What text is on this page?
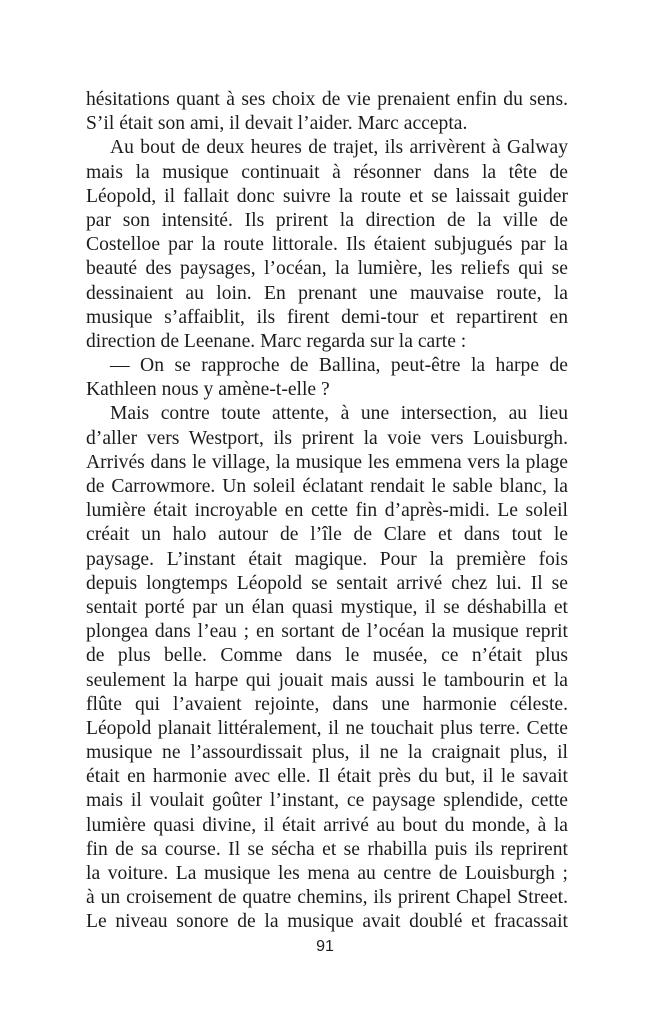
hésitations quant à ses choix de vie prenaient enfin du sens.
S’il était son ami, il devait l’aider. Marc accepta.
Au bout de deux heures de trajet, ils arrivèrent à Galway
mais la musique continuait à résonner dans la tête de
Léopold, il fallait donc suivre la route et se laissait guider
par son intensité. Ils prirent la direction de la ville de
Costelloe par la route littorale. Ils étaient subjugués par la
beauté des paysages, l’océan, la lumière, les reliefs qui se
dessinaient au loin. En prenant une mauvaise route, la
musique s’affaiblit, ils firent demi-tour et repartirent en
direction de Leenane. Marc regarda sur la carte :
— On se rapproche de Ballina, peut-être la harpe de
Kathleen nous y amène-t-elle ?
Mais contre toute attente, à une intersection, au lieu
d’aller vers Westport, ils prirent la voie vers Louisburgh.
Arrivés dans le village, la musique les emmena vers la plage
de Carrowmore. Un soleil éclatant rendait le sable blanc, la
lumière était incroyable en cette fin d’après-midi. Le soleil
créait un halo autour de l’île de Clare et dans tout le
paysage. L’instant était magique. Pour la première fois
depuis longtemps Léopold se sentait arrivé chez lui. Il se
sentait porté par un élan quasi mystique, il se déshabilla et
plongea dans l’eau ; en sortant de l’océan la musique reprit
de plus belle. Comme dans le musée, ce n’était plus
seulement la harpe qui jouait mais aussi le tambourin et la
flûte qui l’avaient rejointe, dans une harmonie céleste.
Léopold planait littéralement, il ne touchait plus terre. Cette
musique ne l’assourdissait plus, il ne la craignait plus, il
était en harmonie avec elle. Il était près du but, il le savait
mais il voulait goûter l’instant, ce paysage splendide, cette
lumière quasi divine, il était arrivé au bout du monde, à la
fin de sa course. Il se sécha et se rhabilla puis ils reprirent
la voiture. La musique les mena au centre de Louisburgh ;
à un croisement de quatre chemins, ils prirent Chapel Street.
Le niveau sonore de la musique avait doublé et fracassait
91
